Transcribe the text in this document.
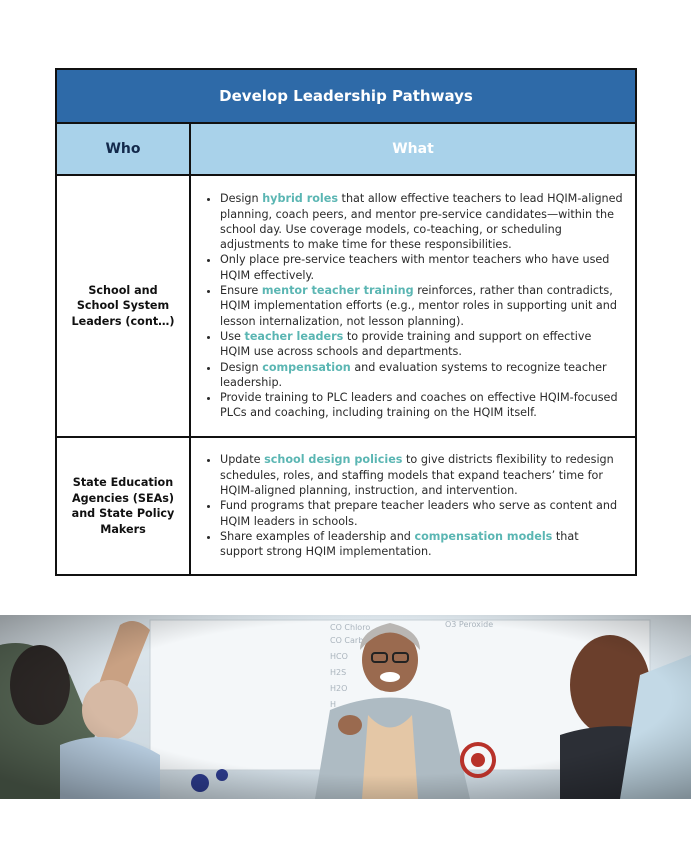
Develop Leadership Pathways
Who	What
School and School System Leaders (cont…)
• Design hybrid roles that allow effective teachers to lead HQIM-aligned planning, coach peers, and mentor pre-service candidates—within the school day. Use coverage models, co-teaching, or scheduling adjustments to make time for these responsibilities.
• Only place pre-service teachers with mentor teachers who have used HQIM effectively.
• Ensure mentor teacher training reinforces, rather than contradicts, HQIM implementation efforts (e.g., mentor roles in supporting unit and lesson internalization, not lesson planning).
• Use teacher leaders to provide training and support on effective HQIM use across schools and departments.
• Design compensation and evaluation systems to recognize teacher leadership.
• Provide training to PLC leaders and coaches on effective HQIM-focused PLCs and coaching, including training on the HQIM itself.
State Education Agencies (SEAs) and State Policy Makers
• Update school design policies to give districts flexibility to redesign schedules, roles, and staffing models that expand teachers’ time for HQIM-aligned planning, instruction, and intervention.
• Fund programs that prepare teacher leaders who serve as content and HQIM leaders in schools.
• Share examples of leadership and compensation models that support strong HQIM implementation.
